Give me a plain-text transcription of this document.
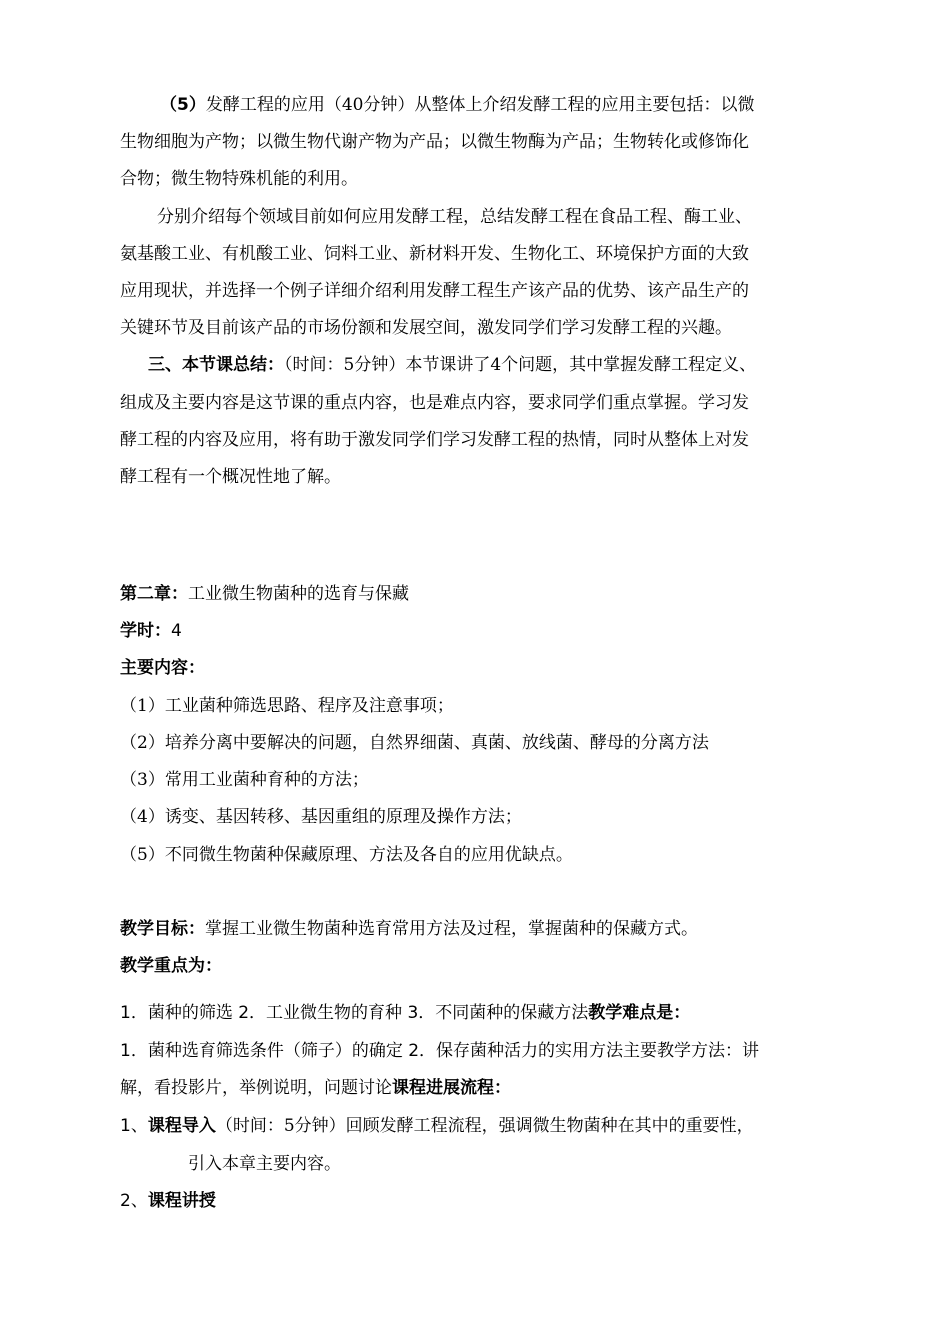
（5）发酵工程的应用（40分钟）从整体上介绍发酵工程的应用主要包括：以微
生物细胞为产物；以微生物代谢产物为产品；以微生物酶为产品；生物转化或修饰化
合物；微生物特殊机能的利用。
分别介绍每个领域目前如何应用发酵工程，总结发酵工程在食品工程、酶工业、
氨基酸工业、有机酸工业、饲料工业、新材料开发、生物化工、环境保护方面的大致
应用现状，并选择一个例子详细介绍利用发酵工程生产该产品的优势、该产品生产的
关键环节及目前该产品的市场份额和发展空间，激发同学们学习发酵工程的兴趣。
三、本节课总结：（时间：5分钟）本节课讲了4个问题，其中掌握发酵工程定义、
组成及主要内容是这节课的重点内容，也是难点内容，要求同学们重点掌握。学习发
酵工程的内容及应用，将有助于激发同学们学习发酵工程的热情，同时从整体上对发
酵工程有一个概况性地了解。
第二章：工业微生物菌种的选育与保藏
学时：4
主要内容：
（1）工业菌种筛选思路、程序及注意事项；
（2）培养分离中要解决的问题，自然界细菌、真菌、放线菌、酵母的分离方法
（3）常用工业菌种育种的方法；
（4）诱变、基因转移、基因重组的原理及操作方法；
（5）不同微生物菌种保藏原理、方法及各自的应用优缺点。
教学目标：掌握工业微生物菌种选育常用方法及过程，掌握菌种的保藏方式。
教学重点为：
1．菌种的筛选 2．工业微生物的育种 3．不同菌种的保藏方法教学难点是：
1．菌种选育筛选条件（筛子）的确定 2．保存菌种活力的实用方法主要教学方法：讲
解，看投影片，举例说明，问题讨论课程进展流程：
1、课程导入（时间：5分钟）回顾发酵工程流程，强调微生物菌种在其中的重要性，
引入本章主要内容。
2、课程讲授
